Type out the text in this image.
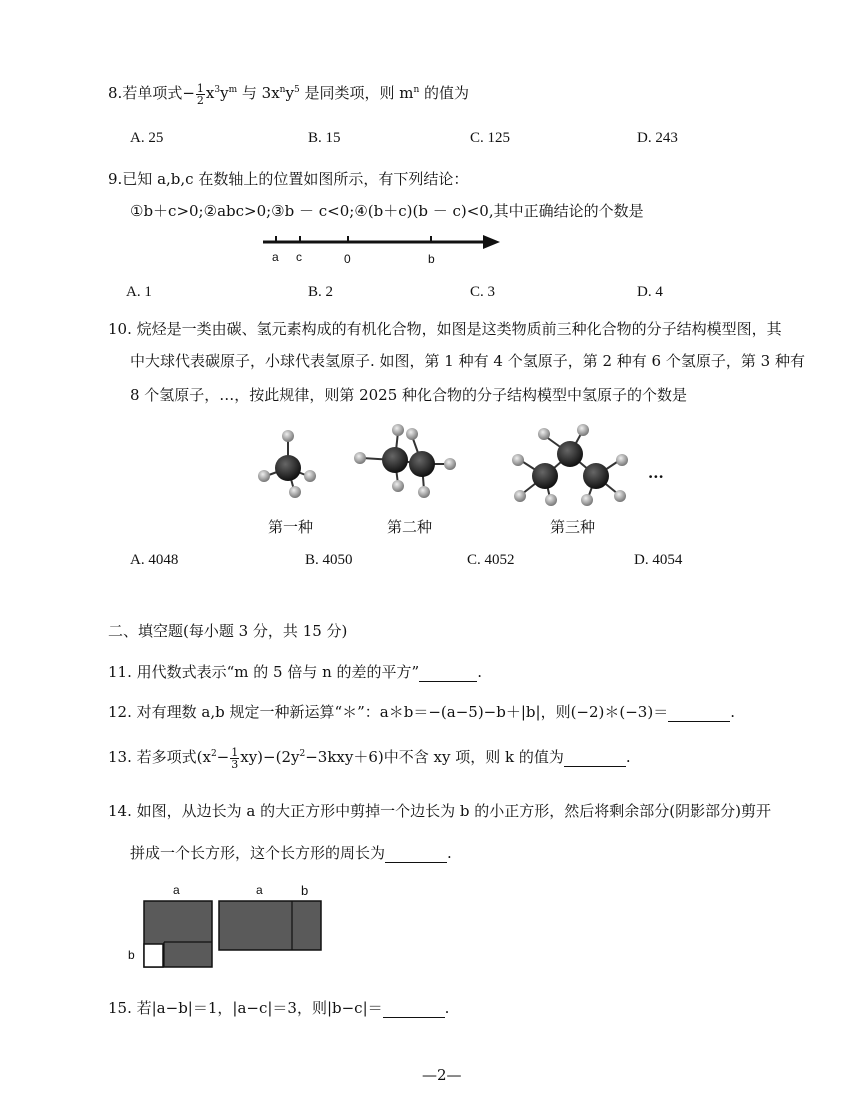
8.若单项式− $\frac{1}{2} x^3y^m$ 与 $3x^ny^5$ 是同类项，则 $m^n$ 的值为
A. 25	B. 15	C. 125	D. 243
9.已知 a,b,c 在数轴上的位置如图所示，有下列结论：
①b＋c>0;②abc>0;③b － c<0;④(b＋c)(b － c)<0,其中正确结论的个数是
a c	0	b
A. 1	B. 2	C. 3	D. 4
10. 烷烃是一类由碳、氢元素构成的有机化合物，如图是这类物质前三种化合物的分子结构模型图，其
中大球代表碳原子，小球代表氢原子. 如图，第 1 种有 4 个氢原子，第 2 种有 6 个氢原子，第 3 种有
8 个氢原子，…，按此规律，则第 2025 种化合物的分子结构模型中氢原子的个数是
···
第一种	第二种	第三种
A. 4048	B. 4050	C. 4052	D. 4054
二、填空题(每小题 3 分，共 15 分)
11. 用代数式表示“m 的 5 倍与 n 的差的平方”	.
12. 对有理数 a,b 规定一种新运算“＊”：a＊b＝−(a−5)−b＋|b|，则(−2)＊(−3)＝	.
13. 若多项式$(x^2- \frac{1}{3} xy)-(2y^2-3kxy+6)$中不含 xy 项，则 k 的值为	.
14. 如图，从边长为 a 的大正方形中剪掉一个边长为 b 的小正方形，然后将剩余部分(阴影部分)剪开
拼成一个长方形，这个长方形的周长为	.
a	a	b
b
15. 若|a−b|＝1，|a−c|＝3，则|b−c|＝	.
—2—
